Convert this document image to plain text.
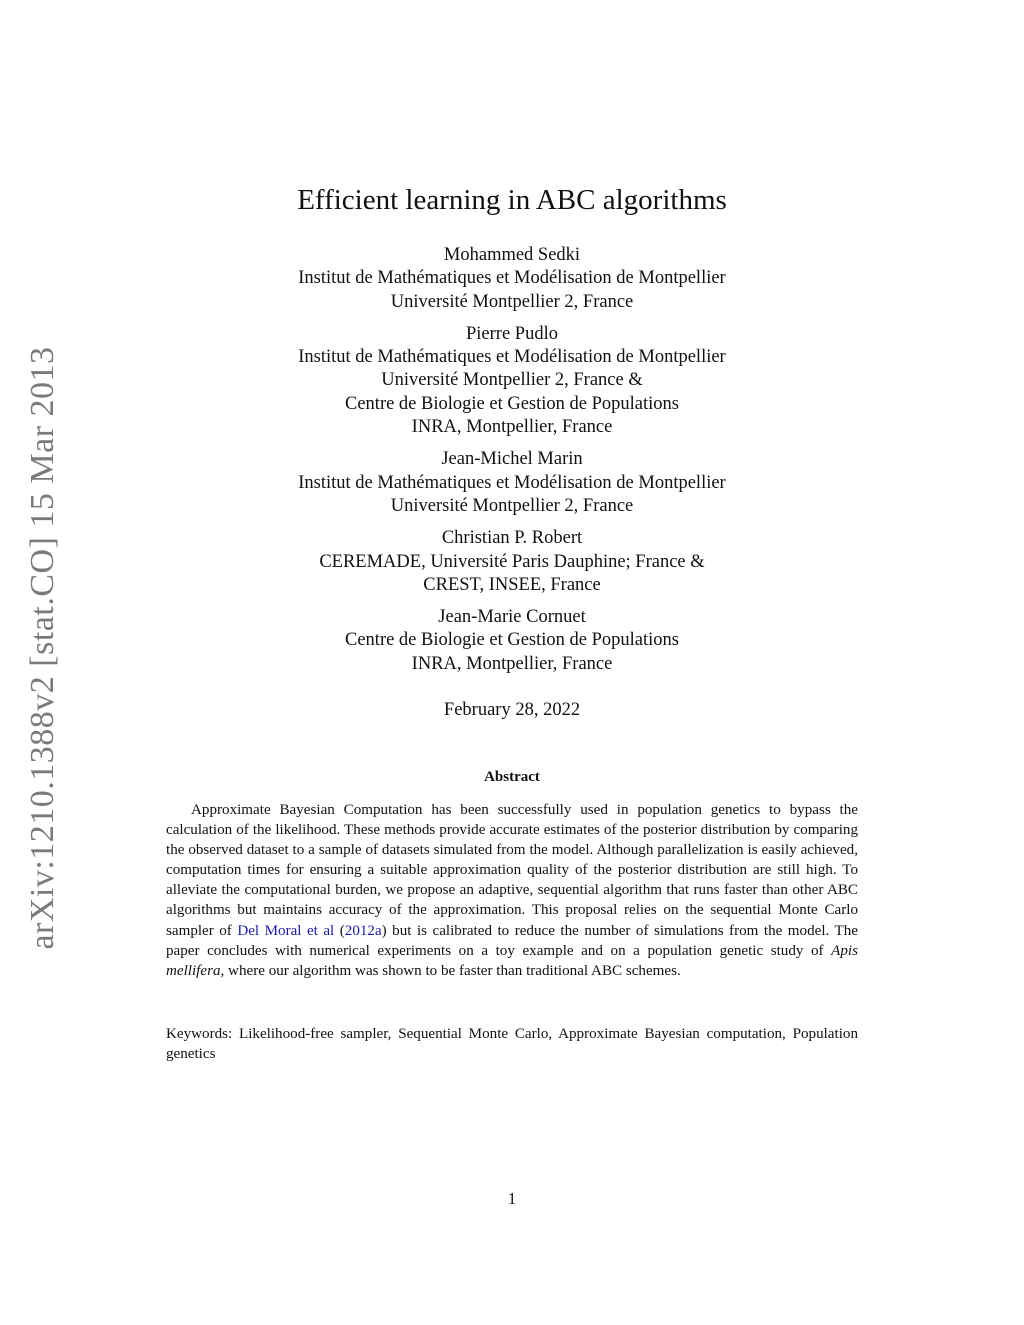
arXiv:1210.1388v2 [stat.CO] 15 Mar 2013
Efficient learning in ABC algorithms
Mohammed Sedki
Institut de Mathématiques et Modélisation de Montpellier
Université Montpellier 2, France
Pierre Pudlo
Institut de Mathématiques et Modélisation de Montpellier
Université Montpellier 2, France &
Centre de Biologie et Gestion de Populations
INRA, Montpellier, France
Jean-Michel Marin
Institut de Mathématiques et Modélisation de Montpellier
Université Montpellier 2, France
Christian P. Robert
CEREMADE, Université Paris Dauphine; France &
CREST, INSEE, France
Jean-Marie Cornuet
Centre de Biologie et Gestion de Populations
INRA, Montpellier, France
February 28, 2022
Abstract

Approximate Bayesian Computation has been successfully used in population genetics to bypass the calculation of the likelihood. These methods provide accurate estimates of the posterior distribution by comparing the observed dataset to a sample of datasets simulated from the model. Although parallelization is easily achieved, computation times for ensuring a suitable approximation quality of the posterior distribution are still high. To alleviate the computational burden, we propose an adaptive, sequential algorithm that runs faster than other ABC algorithms but maintains accuracy of the approximation. This proposal relies on the sequential Monte Carlo sampler of Del Moral et al (2012a) but is calibrated to reduce the number of simulations from the model. The paper concludes with numerical experiments on a toy example and on a population genetic study of Apis mellifera, where our algorithm was shown to be faster than traditional ABC schemes.

Keywords: Likelihood-free sampler, Sequential Monte Carlo, Approximate Bayesian computation, Population genetics

1
